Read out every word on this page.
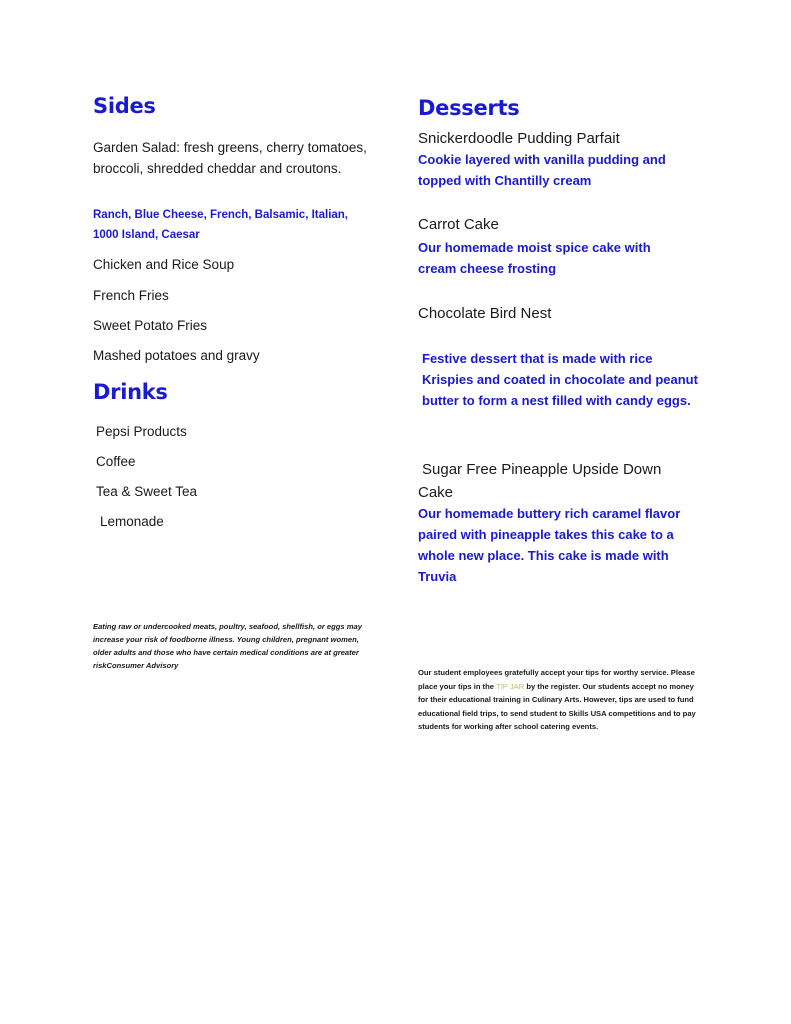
Sides

Garden Salad: fresh greens, cherry tomatoes, broccoli, shredded cheddar and croutons.

Ranch, Blue Cheese, French, Balsamic, Italian, 1000 Island, Caesar

Chicken and Rice Soup

French Fries

Sweet Potato Fries

Mashed potatoes and gravy

Drinks

Pepsi Products

Coffee

Tea & Sweet Tea

Lemonade

Desserts

Snickerdoodle Pudding Parfait

Cookie layered with vanilla pudding and topped with Chantilly cream

Carrot Cake

Our homemade moist spice cake with cream cheese frosting

Chocolate Bird Nest

Festive dessert that is made with rice Krispies and coated in chocolate and peanut butter to form a nest filled with candy eggs.

Sugar Free Pineapple Upside Down Cake

Our homemade buttery rich caramel flavor paired with pineapple takes this cake to a whole new place. This cake is made with Truvia

Eating raw or undercooked meats, poultry, seafood, shellfish, or eggs may increase your risk of foodborne illness. Young children, pregnant women, older adults and those who have certain medical conditions are at greater riskConsumer Advisory

Our student employees gratefully accept your tips for worthy service. Please place your tips in the TIP JAR by the register. Our students accept no money for their educational training in Culinary Arts. However, tips are used to fund educational field trips, to send student to Skills USA competitions and to pay students for working after school catering events.
